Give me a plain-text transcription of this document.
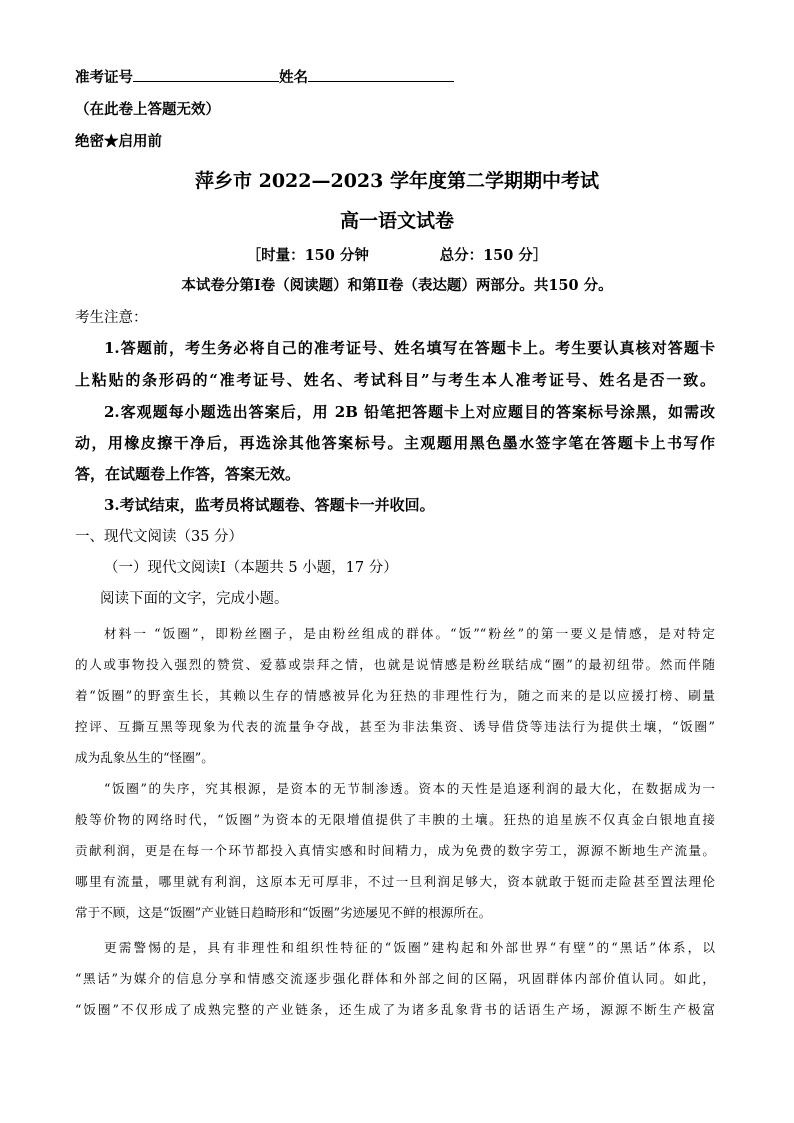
准考证号	姓名
（在此卷上答题无效）
绝密★启用前
萍乡市 2022—2023 学年度第二学期期中考试
高一语文试卷
［时量：150 分钟              总分：150 分］
本试卷分第Ⅰ卷（阅读题）和第Ⅱ卷（表达题）两部分。共150 分。
考生注意：
1.答题前，考生务必将自己的准考证号、姓名填写在答题卡上。考生要认真核对答题卡
上粘贴的条形码的“准考证号、姓名、考试科目”与考生本人准考证号、姓名是否一致。
2.客观题每小题选出答案后，用 2B 铅笔把答题卡上对应题目的答案标号涂黑，如需改
动，用橡皮擦干净后，再选涂其他答案标号。主观题用黑色墨水签字笔在答题卡上书写作
答，在试题卷上作答，答案无效。
3.考试结束，监考员将试题卷、答题卡一并收回。
一、现代文阅读（35 分）
（一）现代文阅读Ⅰ（本题共 5 小题，17 分）
阅读下面的文字，完成小题。
材料一 “饭圈”，即粉丝圈子，是由粉丝组成的群体。“饭”“粉丝”的第一要义是情感，是对特定
的人或事物投入强烈的赞赏、爱慕或崇拜之情，也就是说情感是粉丝联结成“圈”的最初纽带。然而伴随
着“饭圈”的野蛮生长，其赖以生存的情感被异化为狂热的非理性行为，随之而来的是以应援打榜、刷量
控评、互撕互黑等现象为代表的流量争夺战，甚至为非法集资、诱导借贷等违法行为提供土壤，“饭圈”
成为乱象丛生的“怪圈”。
“饭圈”的失序，究其根源，是资本的无节制渗透。资本的天性是追逐利润的最大化，在数据成为一
般等价物的网络时代，“饭圈”为资本的无限增值提供了丰腴的土壤。狂热的追星族不仅真金白银地直接
贡献利润，更是在每一个环节都投入真情实感和时间精力，成为免费的数字劳工，源源不断地生产流量。
哪里有流量，哪里就有利润，这原本无可厚非，不过一旦利润足够大，资本就敢于铤而走险甚至置法理伦
常于不顾，这是“饭圈”产业链日趋畸形和“饭圈”劣迹屡见不鲜的根源所在。
更需警惕的是，具有非理性和组织性特征的“饭圈”建构起和外部世界“有壁”的“黑话”体系，以
“黑话”为媒介的信息分享和情感交流逐步强化群体和外部之间的区隔，巩固群体内部价值认同。如此，
“饭圈”不仅形成了成熟完整的产业链条，还生成了为诸多乱象背书的话语生产场，源源不断生产极富
